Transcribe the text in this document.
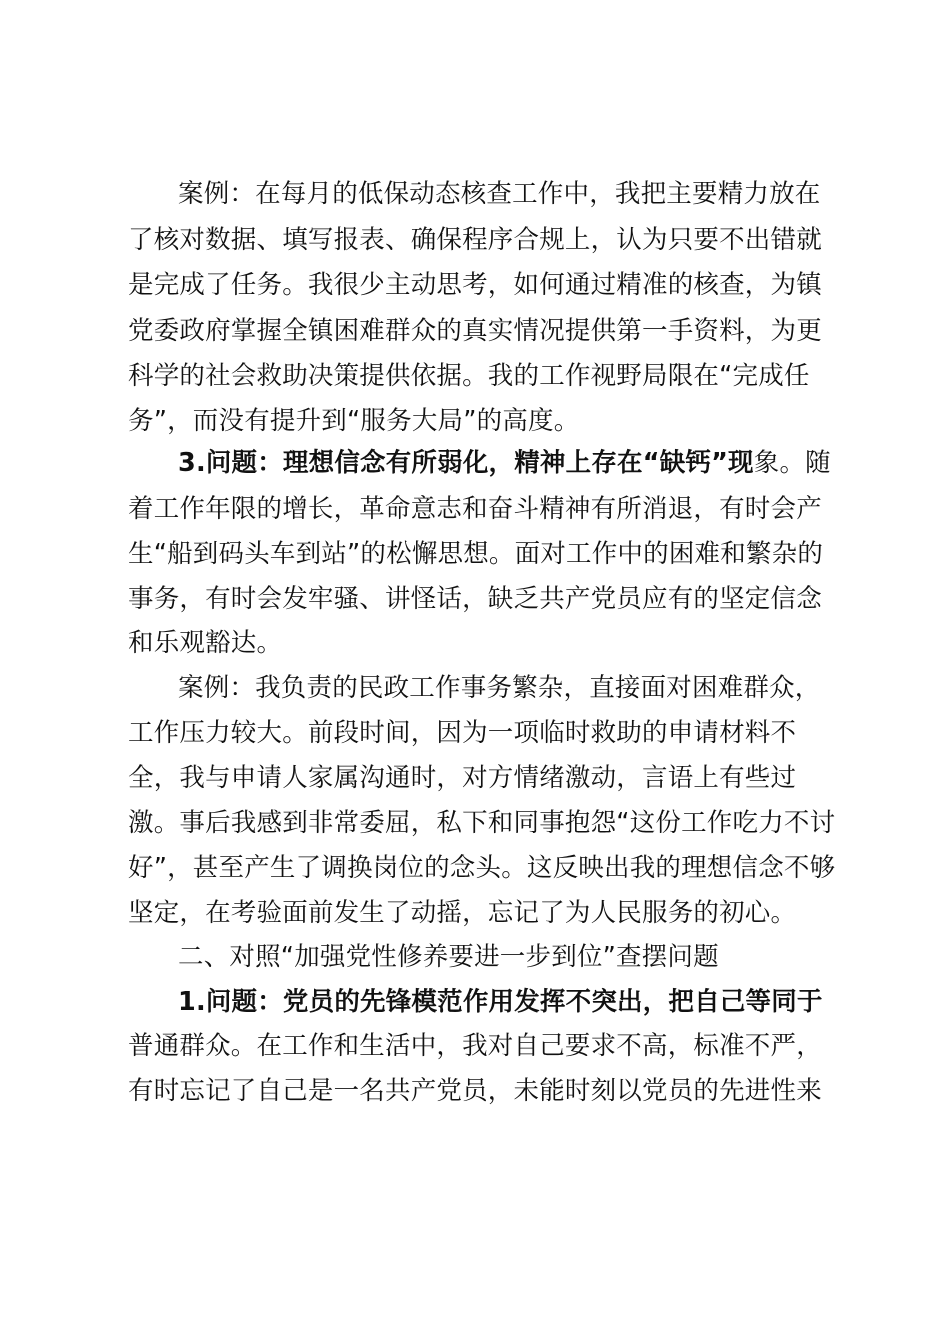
案例：在每月的低保动态核查工作中，我把主要精力放在
了核对数据、填写报表、确保程序合规上，认为只要不出错就
是完成了任务。我很少主动思考，如何通过精准的核查，为镇
党委政府掌握全镇困难群众的真实情况提供第一手资料，为更
科学的社会救助决策提供依据。我的工作视野局限在“完成任
务”，而没有提升到“服务大局”的高度。
3.问题：理想信念有所弱化，精神上存在“缺钙”现象。随
着工作年限的增长，革命意志和奋斗精神有所消退，有时会产
生“船到码头车到站”的松懈思想。面对工作中的困难和繁杂的
事务，有时会发牢骚、讲怪话，缺乏共产党员应有的坚定信念
和乐观豁达。
案例：我负责的民政工作事务繁杂，直接面对困难群众，
工作压力较大。前段时间，因为一项临时救助的申请材料不
全，我与申请人家属沟通时，对方情绪激动，言语上有些过
激。事后我感到非常委屈，私下和同事抱怨“这份工作吃力不讨
好”，甚至产生了调换岗位的念头。这反映出我的理想信念不够
坚定，在考验面前发生了动摇，忘记了为人民服务的初心。
二、对照“加强党性修养要进一步到位”查摆问题
1.问题：党员的先锋模范作用发挥不突出，把自己等同于
普通群众。在工作和生活中，我对自己要求不高，标准不严，
有时忘记了自己是一名共产党员，未能时刻以党员的先进性来
